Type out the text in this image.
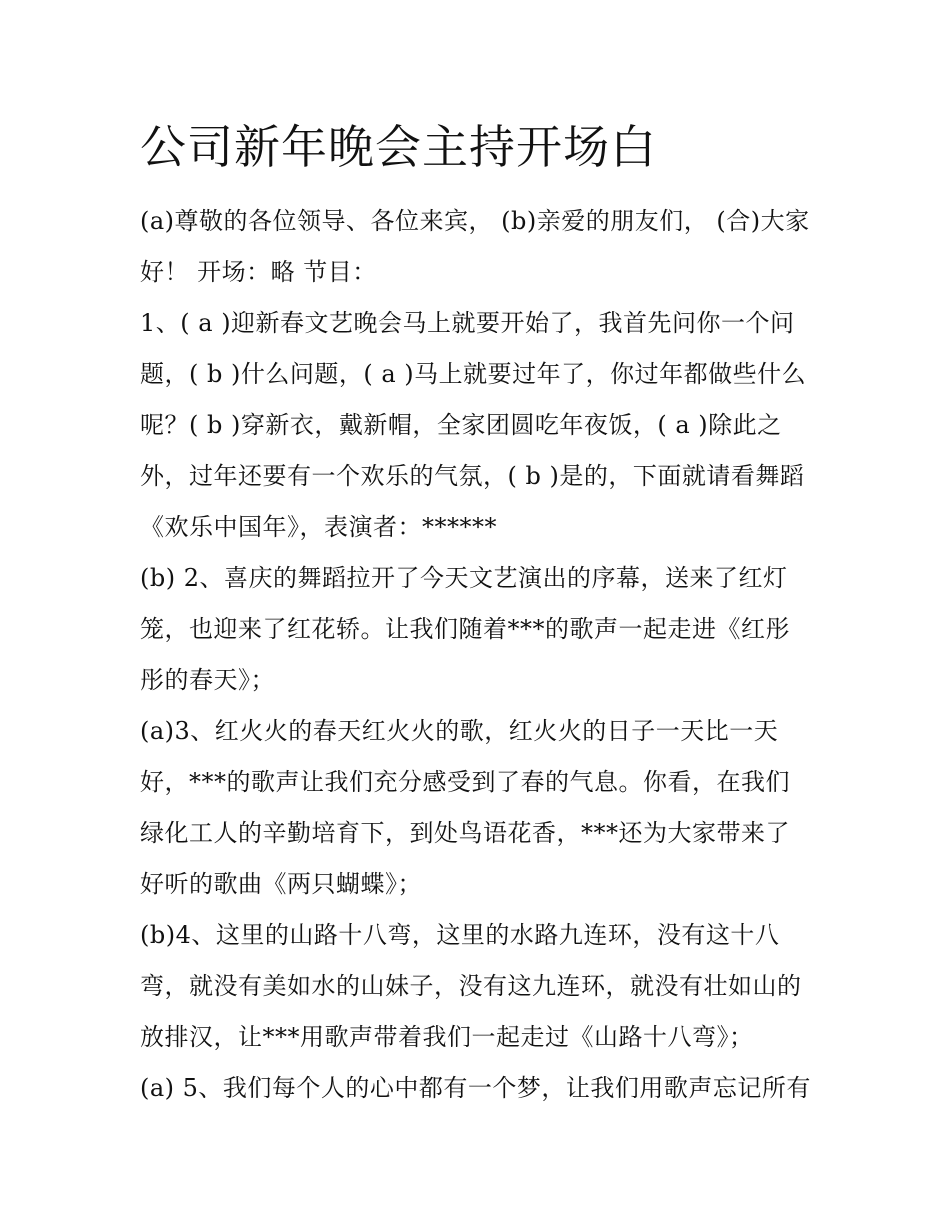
公司新年晚会主持开场白
(a)尊敬的各位领导、各位来宾， (b)亲爱的朋友们， (合)大家
好！ 开场：略 节目：
1、( a )迎新春文艺晚会马上就要开始了，我首先问你一个问
题，( b )什么问题，( a )马上就要过年了，你过年都做些什么
呢？( b )穿新衣，戴新帽，全家团圆吃年夜饭，( a )除此之
外，过年还要有一个欢乐的气氛，( b )是的，下面就请看舞蹈
《欢乐中国年》，表演者：******
(b) 2、喜庆的舞蹈拉开了今天文艺演出的序幕，送来了红灯
笼，也迎来了红花轿。让我们随着***的歌声一起走进《红彤
彤的春天》；
(a)3、红火火的春天红火火的歌，红火火的日子一天比一天
好，***的歌声让我们充分感受到了春的气息。你看，在我们
绿化工人的辛勤培育下，到处鸟语花香，***还为大家带来了
好听的歌曲《两只蝴蝶》；
(b)4、这里的山路十八弯，这里的水路九连环，没有这十八
弯，就没有美如水的山妹子，没有这九连环，就没有壮如山的
放排汉，让***用歌声带着我们一起走过《山路十八弯》；
(a) 5、我们每个人的心中都有一个梦，让我们用歌声忘记所有
